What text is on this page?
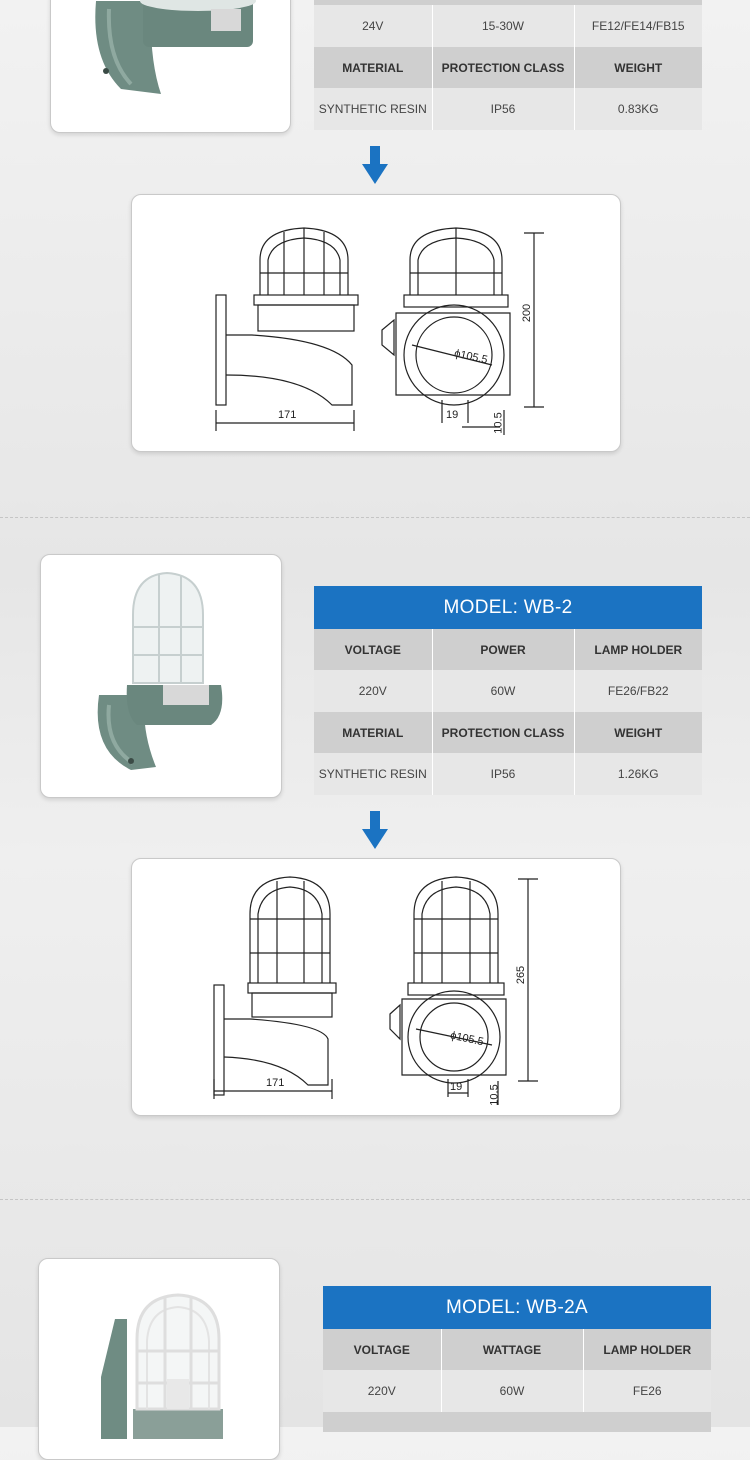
24V	15-30W	FE12/FE14/FB15
MATERIAL	PROTECTION CLASS	WEIGHT
SYNTHETIC RESIN	IP56	0.83KG
171
200
ϕ105.5
19	10.5
MODEL: WB-2		
VOLTAGE	POWER	LAMP HOLDER
220V	60W	FE26/FB22
MATERIAL	PROTECTION CLASS	WEIGHT
SYNTHETIC RESIN	IP56	1.26KG
171
265
ϕ105.5
19 10.5
MODEL: WB-2A		
VOLTAGE	WATTAGE	LAMP HOLDER
220V	60W	FE26
